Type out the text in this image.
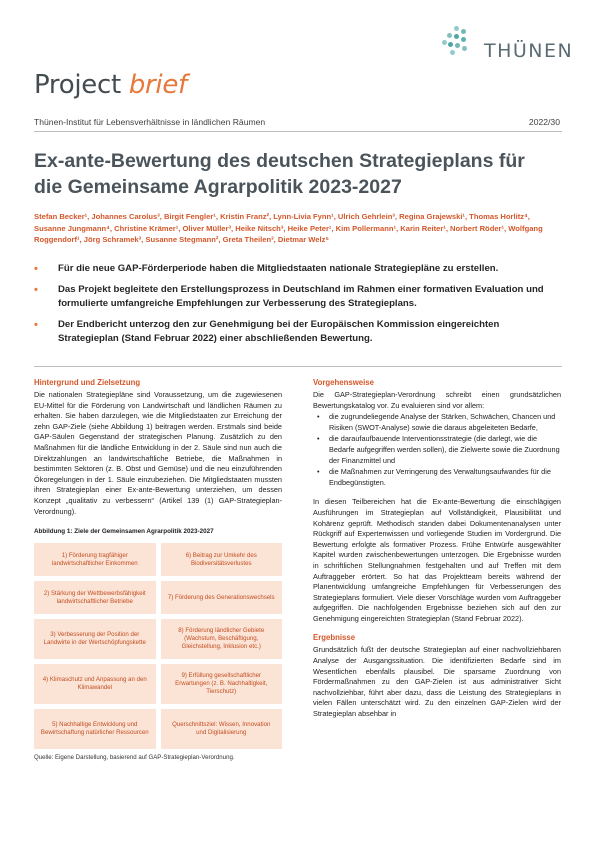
THÜNEN
Project brief
Thünen-Institut für Lebensverhältnisse in ländlichen Räumen	2022/30
Ex-ante-Bewertung des deutschen Strategieplans für die Gemeinsame Agrarpolitik 2023-2027
Stefan Becker¹, Johannes Carolus³, Birgit Fengler¹, Kristin Franz², Lynn-Livia Fynn¹, Ulrich Gehrlein³, Regina Grajewski¹, Thomas Horlitz⁴, Susanne Jungmann⁴, Christine Krämer¹, Oliver Müller³, Heike Nitsch³, Heike Peter¹, Kim Pollermann¹, Karin Reiter¹, Norbert Röder¹, Wolfgang Roggendorf¹, Jörg Schramek³, Susanne Stegmann², Greta Theilen³, Dietmar Welz⁵
• Für die neue GAP-Förderperiode haben die Mitgliedstaaten nationale Strategiepläne zu erstellen.
• Das Projekt begleitete den Erstellungsprozess in Deutschland im Rahmen einer formativen Evaluation und formulierte umfangreiche Empfehlungen zur Verbesserung des Strategieplans.
• Der Endbericht unterzog den zur Genehmigung bei der Europäischen Kommission eingereichten Strategieplan (Stand Februar 2022) einer abschließenden Bewertung.
Hintergrund und Zielsetzung

Die nationalen Strategiepläne sind Voraussetzung, um die zugewiesenen EU-Mittel für die Förderung von Landwirtschaft und ländlichen Räumen zu erhalten. Sie haben darzulegen, wie die Mitgliedstaaten zur Erreichung der zehn GAP-Ziele (siehe Abbildung 1) beitragen werden. Erstmals sind beide GAP-Säulen Gegenstand der strategischen Planung. Zusätzlich zu den Maßnahmen für die ländliche Entwicklung in der 2. Säule sind nun auch die Direktzahlungen an landwirtschaftliche Betriebe, die Maßnahmen in bestimmten Sektoren (z. B. Obst und Gemüse) und die neu einzuführenden Ökoregelungen in der 1. Säule einzubeziehen. Die Mitgliedstaaten mussten ihren Strategieplan einer Ex-ante-Bewertung unterziehen, um dessen Konzept „qualitativ zu verbessern“ (Artikel 139 (1) GAP-Strategieplan-Verordnung).

Abbildung 1: Ziele der Gemeinsamen Agrarpolitik 2023-2027
1) Förderung tragfähiger landwirtschaftlicher Einkommen
6) Beitrag zur Umkehr des Biodiversitätsverlustes
2) Stärkung der Wettbewerbsfähigkeit landwirtschaftlicher Betriebe
7) Förderung des Generationswechsels
3) Verbesserung der Position der Landwirte in der Wertschöpfungskette
8) Förderung ländlicher Gebiete (Wachstum, Beschäftigung, Gleichstellung, Inklusion etc.)
4) Klimaschutz und Anpassung an den Klimawandel
9) Erfüllung gesellschaftlicher Erwartungen (z. B. Nachhaltigkeit, Tierschutz)
5) Nachhaltige Entwicklung und Bewirtschaftung natürlicher Ressourcen
Querschnittsziel: Wissen, Innovation und Digitalisierung
Quelle: Eigene Darstellung, basierend auf GAP-Strategieplan-Verordnung.
Vorgehensweise

Die GAP-Strategieplan-Verordnung schreibt einen grundsätzlichen Bewertungskatalog vor. Zu evaluieren sind vor allem:

• die zugrundeliegende Analyse der Stärken, Schwächen, Chancen und Risiken (SWOT-Analyse) sowie die daraus abgeleiteten Bedarfe,
• die daraufaufbauende Interventionsstrategie (die darlegt, wie die Bedarfe aufgegriffen werden sollen), die Zielwerte sowie die Zuordnung der Finanzmittel und
• die Maßnahmen zur Verringerung des Verwaltungsaufwandes für die Endbegünstigten.

In diesen Teilbereichen hat die Ex-ante-Bewertung die einschlägigen Ausführungen im Strategieplan auf Vollständigkeit, Plausibilität und Kohärenz geprüft. Methodisch standen dabei Dokumentenanalysen unter Rückgriff auf Expertenwissen und vorliegende Studien im Vordergrund. Die Bewertung erfolgte als formativer Prozess. Frühe Entwürfe ausgewählter Kapitel wurden zwischenbewertungen unterzogen. Die Ergebnisse wurden in schriftlichen Stellungnahmen festgehalten und auf Treffen mit dem Auftraggeber erörtert. So hat das Projektteam bereits während der Planentwicklung umfangreiche Empfehlungen für Verbesserungen des Strategieplans formuliert. Viele dieser Vorschläge wurden vom Auftraggeber aufgegriffen. Die nachfolgenden Ergebnisse beziehen sich auf den zur Genehmigung eingereichten Strategieplan (Stand Februar 2022).

Ergebnisse

Grundsätzlich fußt der deutsche Strategieplan auf einer nachvollziehbaren Analyse der Ausgangssituation. Die identifizierten Bedarfe sind im Wesentlichen ebenfalls plausibel. Die sparsame Zuordnung von Fördermaßnahmen zu den GAP-Zielen ist aus administrativer Sicht nachvollziehbar, führt aber dazu, dass die Leistung des Strategieplans in vielen Fällen unterschätzt wird. Zu den einzelnen GAP-Zielen wird der Strategieplan absehbar in
